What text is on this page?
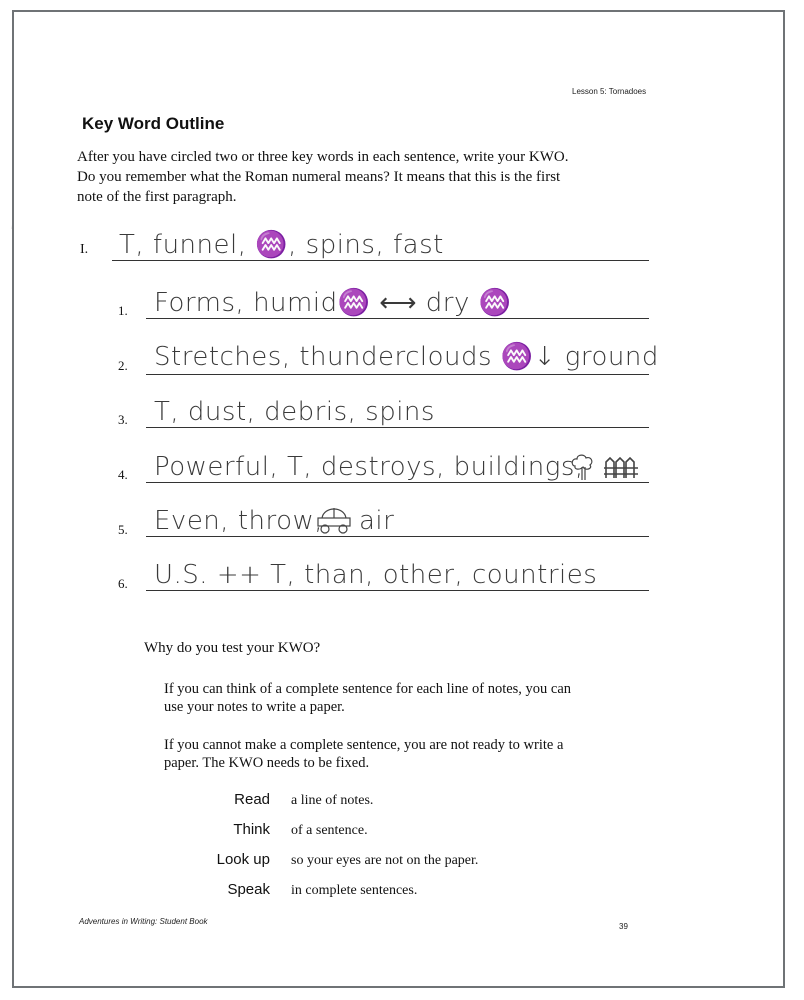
Lesson 5: Tornadoes
Key Word Outline
After you have circled two or three key words in each sentence, write your KWO.
Do you remember what the Roman numeral means? It means that this is the first
note of the first paragraph.
I. T, funnel, ♒, spins, fast
1. Forms, humid♒ ⟷ dry ♒
2. Stretches, thunderclouds ♒↓ ground
3. T, dust, debris, spins
4. Powerful, T, destroys, buildings,
5. Even, throw, air
6. U.S. ++ T, than, other, countries
Why do you test your KWO?
If you can think of a complete sentence for each line of notes, you can
use your notes to write a paper.
If you cannot make a complete sentence, you are not ready to write a
paper. The KWO needs to be fixed.
Read a line of notes.
Think of a sentence.
Look up so your eyes are not on the paper.
Speak in complete sentences.
Adventures in Writing: Student Book
39
